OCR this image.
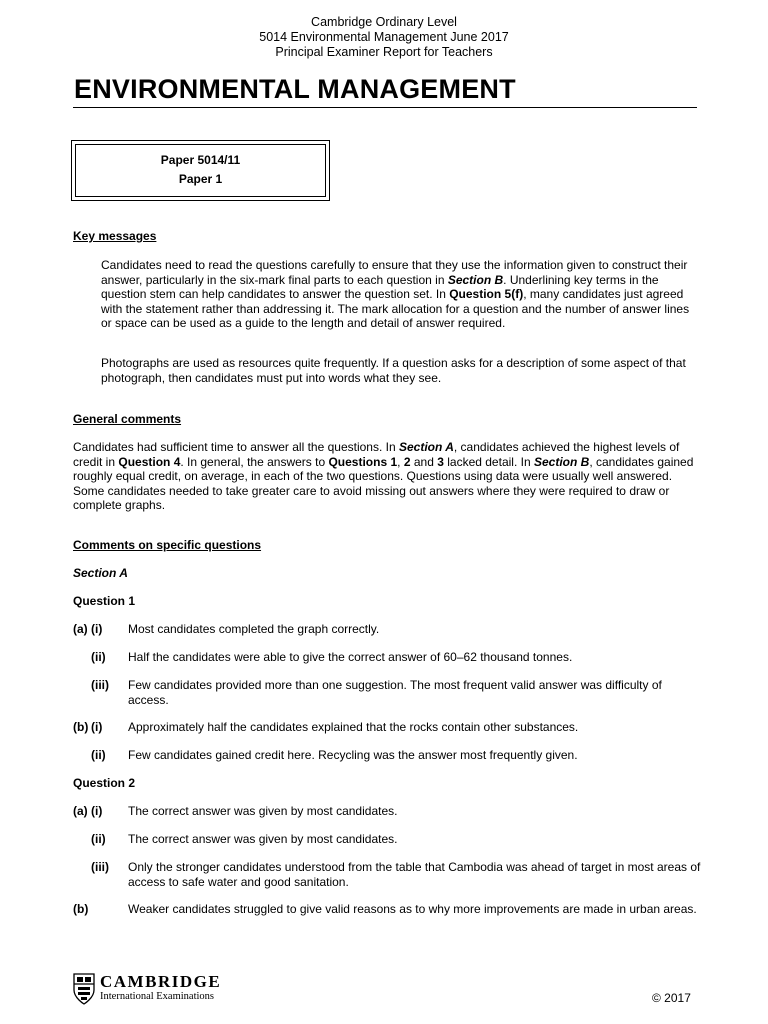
Cambridge Ordinary Level
5014 Environmental Management June 2017
Principal Examiner Report for Teachers
ENVIRONMENTAL MANAGEMENT
Paper 5014/11
Paper 1
Key messages
Candidates need to read the questions carefully to ensure that they use the information given to construct their answer, particularly in the six-mark final parts to each question in Section B. Underlining key terms in the question stem can help candidates to answer the question set. In Question 5(f), many candidates just agreed with the statement rather than addressing it. The mark allocation for a question and the number of answer lines or space can be used as a guide to the length and detail of answer required.
Photographs are used as resources quite frequently. If a question asks for a description of some aspect of that photograph, then candidates must put into words what they see.
General comments
Candidates had sufficient time to answer all the questions. In Section A, candidates achieved the highest levels of credit in Question 4. In general, the answers to Questions 1, 2 and 3 lacked detail. In Section B, candidates gained roughly equal credit, on average, in each of the two questions. Questions using data were usually well answered. Some candidates needed to take greater care to avoid missing out answers where they were required to draw or complete graphs.
Comments on specific questions
Section A
Question 1
(a) (i) Most candidates completed the graph correctly.
(ii) Half the candidates were able to give the correct answer of 60–62 thousand tonnes.
(iii) Few candidates provided more than one suggestion. The most frequent valid answer was difficulty of access.
(b) (i) Approximately half the candidates explained that the rocks contain other substances.
(ii) Few candidates gained credit here. Recycling was the answer most frequently given.
Question 2
(a) (i) The correct answer was given by most candidates.
(ii) The correct answer was given by most candidates.
(iii) Only the stronger candidates understood from the table that Cambodia was ahead of target in most areas of access to safe water and good sanitation.
(b)	Weaker candidates struggled to give valid reasons as to why more improvements are made in urban areas.
CAMBRIDGE
International Examinations	© 2017
